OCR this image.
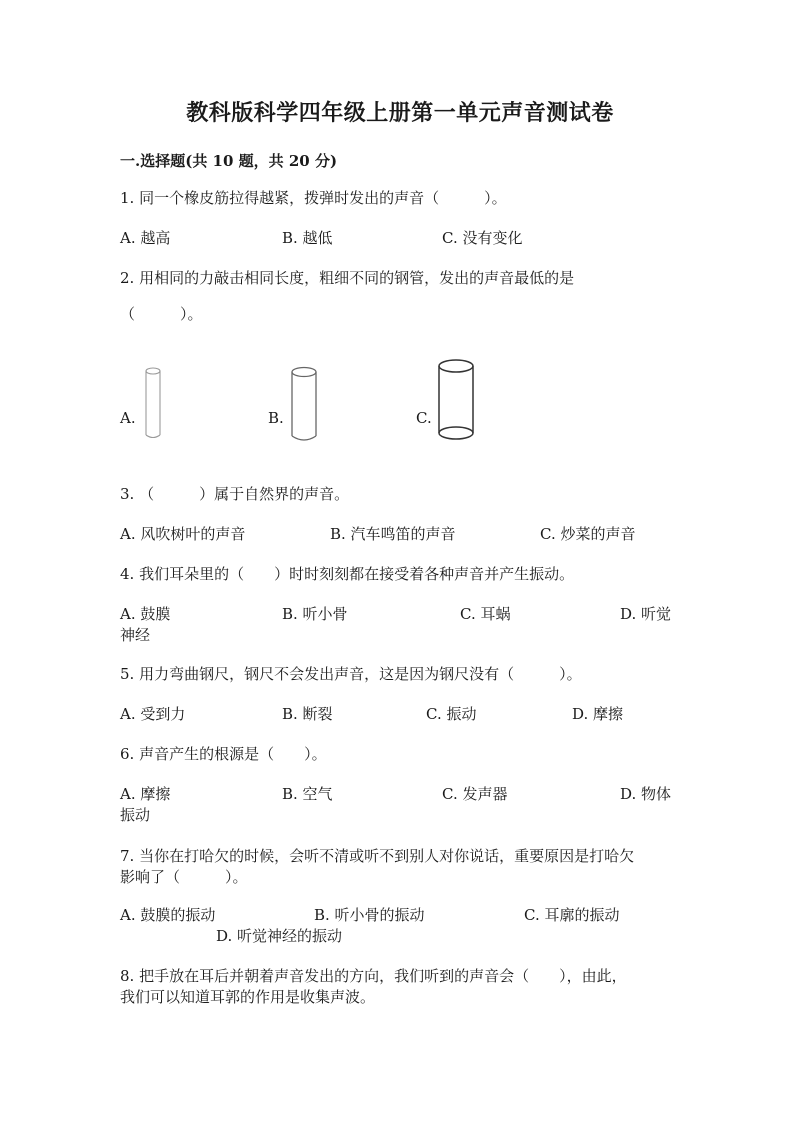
教科版科学四年级上册第一单元声音测试卷
一.选择题(共 10 题，共 20 分)
1. 同一个橡皮筋拉得越紧，拨弹时发出的声音（　　　）。
A. 越高	B. 越低	C. 没有变化
2. 用相同的力敲击相同长度，粗细不同的钢管，发出的声音最低的是
（　　　）。
A.	B.	C.
3. （　　　）属于自然界的声音。
A. 风吹树叶的声音	B. 汽车鸣笛的声音	C. 炒菜的声音
4. 我们耳朵里的（　　）时时刻刻都在接受着各种声音并产生振动。
A. 鼓膜	B. 听小骨	C. 耳蜗	D. 听觉
神经
5. 用力弯曲钢尺，钢尺不会发出声音，这是因为钢尺没有（　　　）。
A. 受到力	B. 断裂	C. 振动	D. 摩擦
6. 声音产生的根源是（　　）。
A. 摩擦	B. 空气	C. 发声器	D. 物体
振动
7. 当你在打哈欠的时候，会听不清或听不到别人对你说话，重要原因是打哈欠
影响了（　　　）。
A. 鼓膜的振动	B. 听小骨的振动	C. 耳廓的振动
D. 听觉神经的振动
8. 把手放在耳后并朝着声音发出的方向，我们听到的声音会（　　），由此，
我们可以知道耳郭的作用是收集声波。
